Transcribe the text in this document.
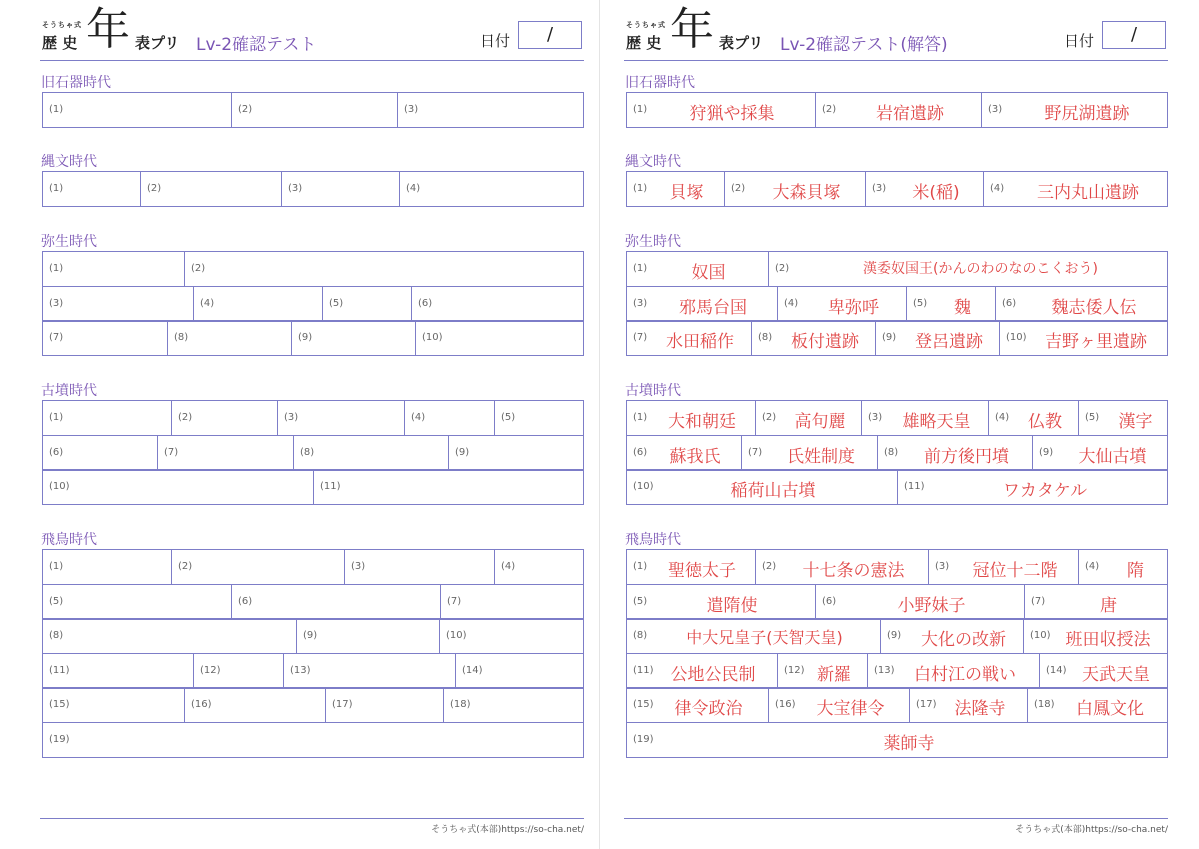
そうちゃ式
歴 史 年 表プリ Lv-2確認テスト	日付	/
旧石器時代
(1)	(2)	(3)
縄文時代
(1)	(2)	(3)	(4)
弥生時代
(1)	(2)
(3)	(4)	(5)	(6)
(7)	(8)	(9)	(10)
古墳時代
(1)	(2)	(3)	(4)	(5)
(6)	(7)	(8)	(9)
(10)	(11)
飛鳥時代
(1)	(2)	(3)	(4)
(5)	(6)	(7)
(8)	(9)	(10)
(11)	(12)	(13)	(14)
(15)	(16)	(17)	(18)
(19)
そうちゃ式(本部)https://so-cha.net/
そうちゃ式
歴 史 年 表プリ Lv-2確認テスト(解答)	日付	/
旧石器時代
(1)	狩猟や採集	(2)	岩宿遺跡	(3)	野尻湖遺跡
縄文時代
(1)	貝塚	(2)	大森貝塚	(3)	米(稲)	(4)	三内丸山遺跡
弥生時代
(1)	奴国	(2)	漢委奴国王(かんのわのなのこくおう)
(3)	邪馬台国	(4)	卑弥呼	(5)	魏	(6)	魏志倭人伝
(7)	水田稲作	(8)	板付遺跡	(9)	登呂遺跡	(10)	吉野ヶ里遺跡
古墳時代
(1)	大和朝廷	(2)	高句麗	(3)	雄略天皇	(4)	仏教	(5)	漢字
(6)	蘇我氏	(7)	氏姓制度	(8)	前方後円墳	(9)	大仙古墳
(10)	稲荷山古墳	(11)	ワカタケル
飛鳥時代
(1)	聖徳太子	(2)	十七条の憲法	(3)	冠位十二階	(4)	隋
(5)	遣隋使	(6)	小野妹子	(7)	唐
(8)	中大兄皇子(天智天皇)	(9)	大化の改新	(10) 班田収授法
(11) 公地公民制	(12) 新羅	(13)	白村江の戦い	(14) 天武天皇
(15)	律令政治	(16)	大宝律令	(17)	法隆寺	(18)	白鳳文化
(19)	薬師寺
そうちゃ式(本部)https://so-cha.net/
